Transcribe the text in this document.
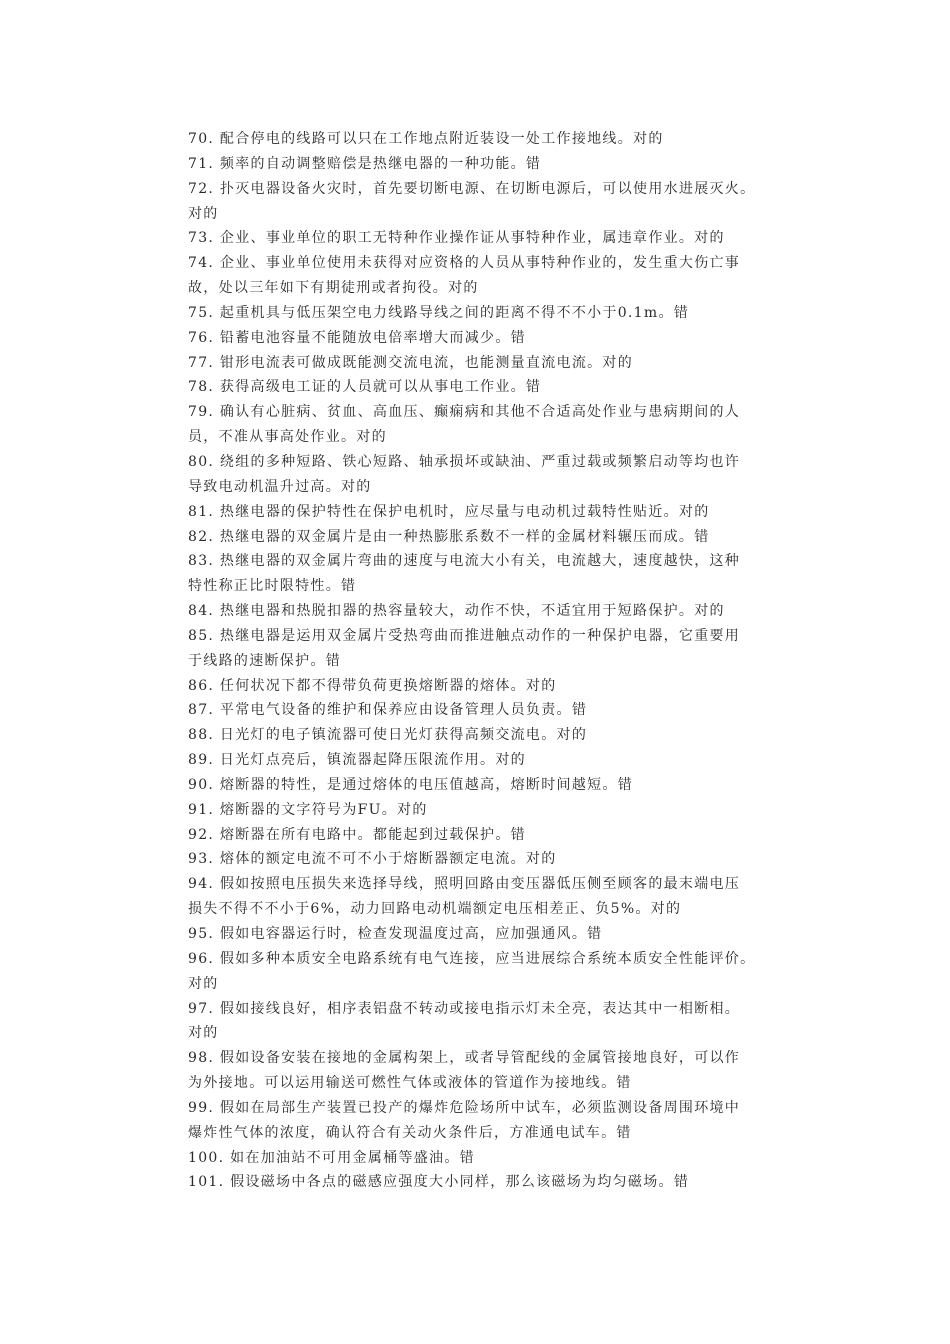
70. 配合停电的线路可以只在工作地点附近装设一处工作接地线。对的
71. 频率的自动调整赔偿是热继电器的一种功能。错
72. 扑灭电器设备火灾时，首先要切断电源、在切断电源后，可以使用水进展灭火。
对的
73. 企业、事业单位的职工无特种作业操作证从事特种作业，属违章作业。对的
74. 企业、事业单位使用未获得对应资格的人员从事特种作业的，发生重大伤亡事
故，处以三年如下有期徒刑或者拘役。对的
75. 起重机具与低压架空电力线路导线之间的距离不得不不小于0.1m。错
76. 铅蓄电池容量不能随放电倍率增大而减少。错
77. 钳形电流表可做成既能测交流电流，也能测量直流电流。对的
78. 获得高级电工证的人员就可以从事电工作业。错
79. 确认有心脏病、贫血、高血压、癫痫病和其他不合适高处作业与患病期间的人
员，不准从事高处作业。对的
80. 绕组的多种短路、铁心短路、轴承损坏或缺油、严重过载或频繁启动等均也许
导致电动机温升过高。对的
81. 热继电器的保护特性在保护电机时，应尽量与电动机过载特性贴近。对的
82. 热继电器的双金属片是由一种热膨胀系数不一样的金属材料辗压而成。错
83. 热继电器的双金属片弯曲的速度与电流大小有关，电流越大，速度越快，这种
特性称正比时限特性。错
84. 热继电器和热脱扣器的热容量较大，动作不快，不适宜用于短路保护。对的
85. 热继电器是运用双金属片受热弯曲而推进触点动作的一种保护电器，它重要用
于线路的速断保护。错
86. 任何状况下都不得带负荷更换熔断器的熔体。对的
87. 平常电气设备的维护和保养应由设备管理人员负责。错
88. 日光灯的电子镇流器可使日光灯获得高频交流电。对的
89. 日光灯点亮后，镇流器起降压限流作用。对的
90. 熔断器的特性，是通过熔体的电压值越高，熔断时间越短。错
91. 熔断器的文字符号为FU。对的
92. 熔断器在所有电路中。都能起到过载保护。错
93. 熔体的额定电流不可不小于熔断器额定电流。对的
94. 假如按照电压损失来选择导线，照明回路由变压器低压侧至顾客的最末端电压
损失不得不不小于6%，动力回路电动机端额定电压相差正、负5%。对的
95. 假如电容器运行时，检查发现温度过高，应加强通风。错
96. 假如多种本质安全电路系统有电气连接，应当进展综合系统本质安全性能评价。
对的
97. 假如接线良好，相序表铝盘不转动或接电指示灯未全亮，表达其中一相断相。
对的
98. 假如设备安装在接地的金属构架上，或者导管配线的金属管接地良好，可以作
为外接地。可以运用输送可燃性气体或液体的管道作为接地线。错
99. 假如在局部生产装置已投产的爆炸危险场所中试车，必须监测设备周围环境中
爆炸性气体的浓度，确认符合有关动火条件后，方准通电试车。错
100. 如在加油站不可用金属桶等盛油。错
101. 假设磁场中各点的磁感应强度大小同样，那么该磁场为均匀磁场。错
